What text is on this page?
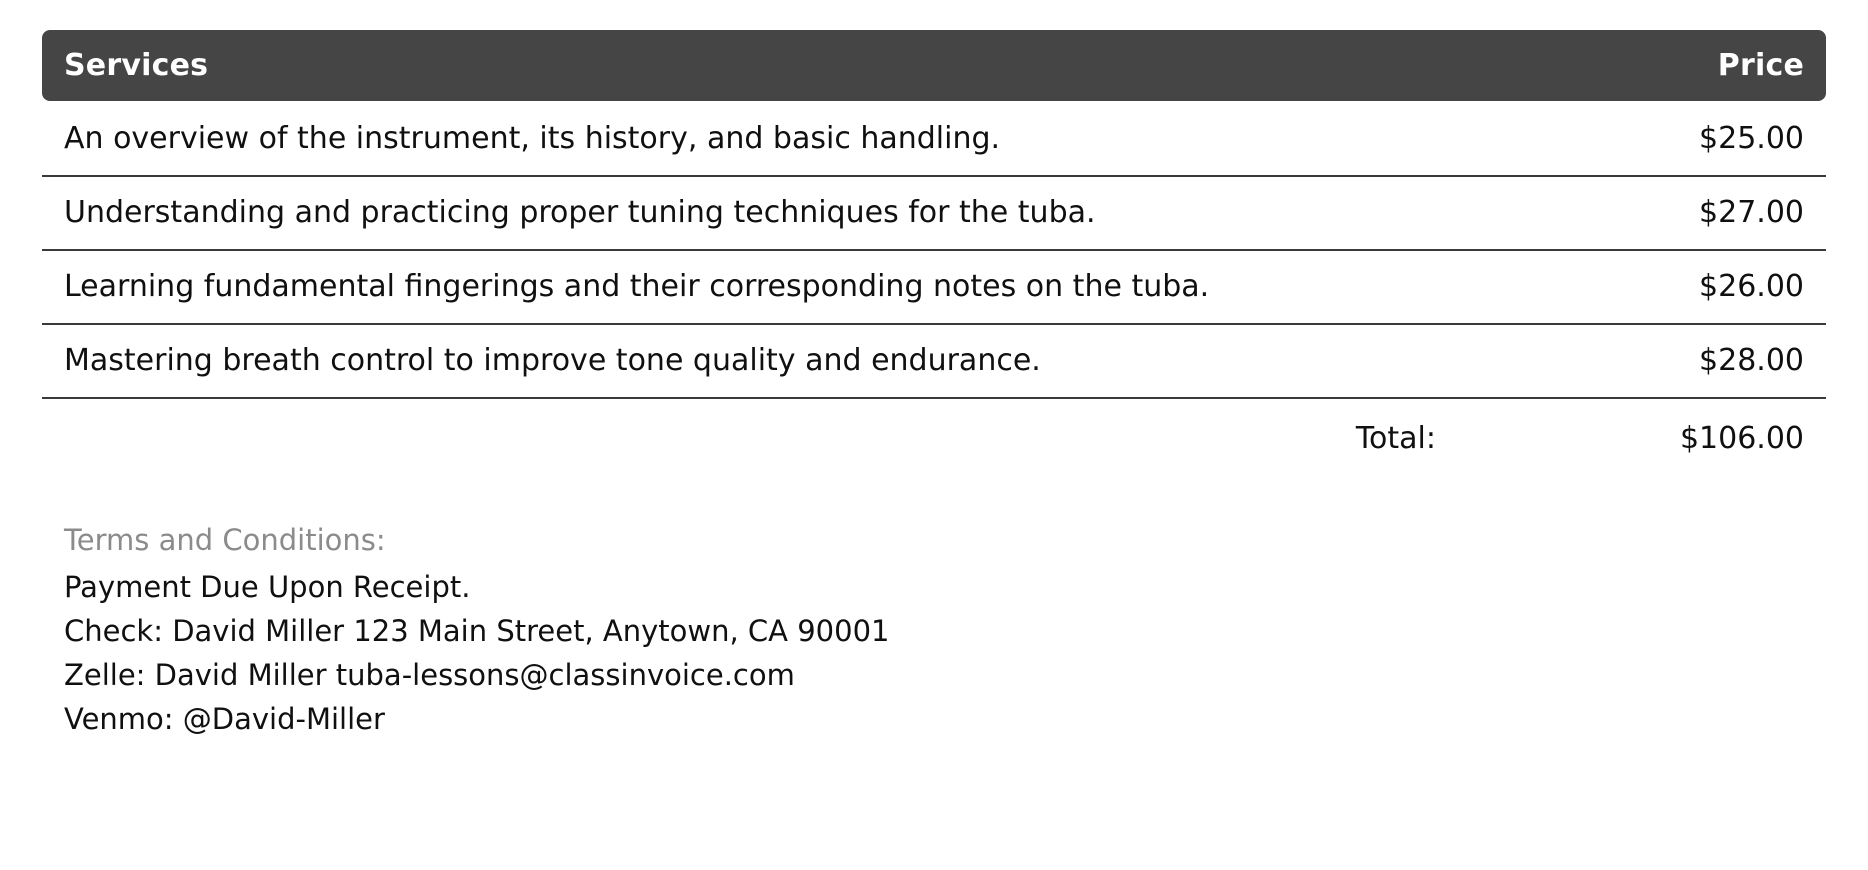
Services	Price
An overview of the instrument, its history, and basic handling.	$25.00
Understanding and practicing proper tuning techniques for the tuba.	$27.00
Learning fundamental fingerings and their corresponding notes on the tuba.	$26.00
Mastering breath control to improve tone quality and endurance.	$28.00
Total:	$106.00
Terms and Conditions:
Payment Due Upon Receipt.
Check: David Miller 123 Main Street, Anytown, CA 90001
Zelle: David Miller tuba-lessons@classinvoice.com
Venmo: @David-Miller
